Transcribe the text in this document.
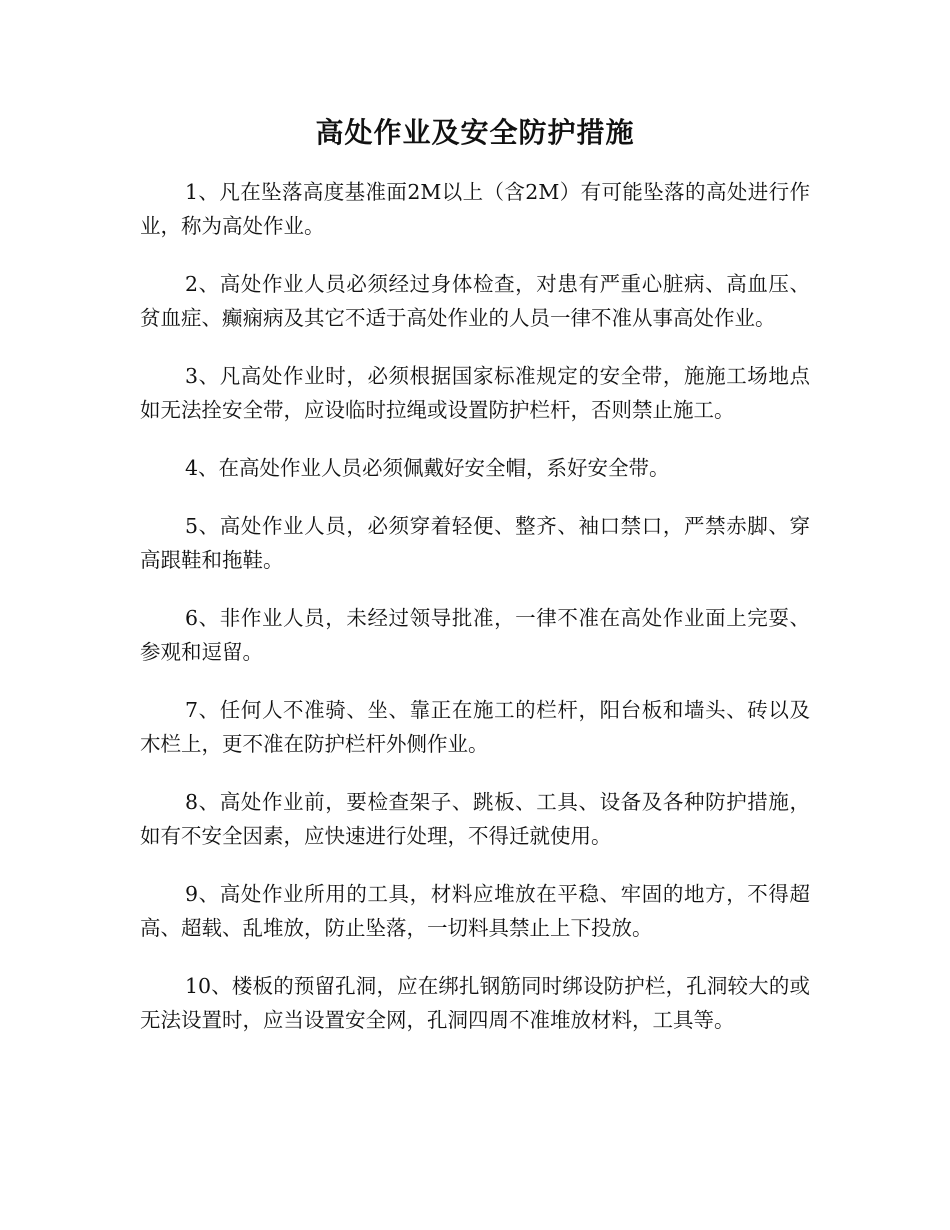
高处作业及安全防护措施

1、凡在坠落高度基准面2M以上（含2M）有可能坠落的高处进行作业，称为高处作业。

2、高处作业人员必须经过身体检查，对患有严重心脏病、高血压、贫血症、癫痫病及其它不适于高处作业的人员一律不准从事高处作业。

3、凡高处作业时，必须根据国家标准规定的安全带，施施工场地点如无法拴安全带，应设临时拉绳或设置防护栏杆，否则禁止施工。

4、在高处作业人员必须佩戴好安全帽，系好安全带。

5、高处作业人员，必须穿着轻便、整齐、袖口禁口，严禁赤脚、穿高跟鞋和拖鞋。

6、非作业人员，未经过领导批准，一律不准在高处作业面上完耍、参观和逗留。

7、任何人不准骑、坐、靠正在施工的栏杆，阳台板和墙头、砖以及木栏上，更不准在防护栏杆外侧作业。

8、高处作业前，要检查架子、跳板、工具、设备及各种防护措施，如有不安全因素，应快速进行处理，不得迁就使用。

9、高处作业所用的工具，材料应堆放在平稳、牢固的地方，不得超高、超载、乱堆放，防止坠落，一切料具禁止上下投放。

10、楼板的预留孔洞，应在绑扎钢筋同时绑设防护栏，孔洞较大的或无法设置时，应当设置安全网，孔洞四周不准堆放材料，工具等。
